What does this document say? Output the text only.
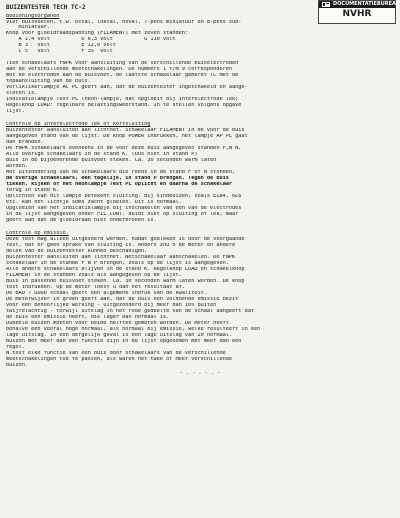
BUIZENTESTER TECH TC-2	DOCUMENTATIEBUREAU
NVHR
Bedieningsorganen
Vier buisvoeten, t.w. octal, loktal, noval, 7-pens miniatuur en 8-pens sub-
miniatuur.
Knop voor gloeidraadspanning (FILAMENT) met zeven standen:
A 1,4 volt          D 6,3 volt          G 110 volt
B 3   volt          E 12,6 volt
C 5   volt          F 35  volt
Tien schakelaars FNPK voor aansluiting van de verschillende buiselectroden
aan de verschillende meetschakelingen. De nummers 1 t/m 9 corresponderen
met de electroden aan de buisvoet, de laatste schakelaar gemerkt TC met de
topaansluiting van de buis.
Verliklikerlampje AC PL geeft aan, dat de buizentester ingeschakeld en aange-
sloten is.
Indicatielampje Test PL (neon-lampje, dat opgloeit bij interelectrode lek)
Regelknop LOAD: regelbare belastingsweerstand. In te stellen volgens opgave
lijst.
Controle op interelectrode lek of kortsluiting
Buizentester aansluiten aan lichtnet. Schakelaar FILAMENT in de voor de buis
aangegeven stand van de lijst. De knop POWER indrukken, het lampje AP PL gaat
dan branden.
De FNPK schakelaars eveneens in de voor deze buis aangegeven standen F,N N,
Alle overige schakelaars in de stand K. (Dus niet in stand P)
Buis in de bijbehorende buisvoet steken. Ca. 30 seconden warm laten
worden.
Met uitzondering van de schakelaars die reeds in de stand F of N stonden,
de overige schakelaars, één tegelijk, in stand P brengen. Tegen de buis
tikken, kijken of het neonlampje Test PL oplicht en daarna de schakelaar
terug in stand K.
Oplichten van dit lampje betekent sluiting. Bij sindbuizen, zoals EL84, 6L6
etc. kan het lichtje soms zacht gloeien. Dit is normaal.
Opgloeien van het indicatielampje bij inschakelen van een van de electrodes
in de lijst aangegeven onder FIL.CONT. duidt niet op sluiting of lek, maar
geeft aan dat de gloeidraad niet onderbroken is.
Controle op emissie.
Deze test mag alleen uitgevoerd worden, nadat gebleken is door de voorgaande
test, dat er geen sprake van sluiting is. Anders zou o de meter en andere
delen van de buizentester kunnen beschadigen.
Buizentester aansluiten aan lichtnet. Netschakelaar aanschakelen. De FNPK
schakelaar in de stande F N P brengen, zoals op de lijst is aangegeven.
Alle andere schakelaars blijven in de stand K. Regelknop LOAD en schakelknop
FILAMENT in de standen zoals als aangegeven op de lijst.
Buis in passende buisvoet steken. Ca. 30 seconden warm laten worden. De knop
test indrukken. Op de meter loest u dan het resultaat af.
De BAD ? GOOD schaal geeft een algemene indruk van de kwaliteit.
De meterwijzer in groen geeft aan, dat de buis een voldoende emissie bezit
voor een behoorlijke werking - uitgezonderd bij meer dan 10% buiten
twijfelachtig - terwijl uitslag in het rode gedeelte van de schaal aangeeft dat
de buis een emissie heeft, die lager dan normaal is.
Dubbele buizen moeten voor beide helften gemeten worden. De meter heeft
behalve een vooral hoge normaal, als normaal bij emissie, welke resulteert in een
lage uitslag. In een dergelijk geval is een lage uitslag van 20 normaal.
Buizen met meer dan één functie zijn in de lijst opgenomen met meer dan één
regel.
N test elke functie van een buis door schakelaars van de verschillende
meetschakelingen toe te passen, als waren het twee of meer verschillende
buizen.
- . - . - . -
